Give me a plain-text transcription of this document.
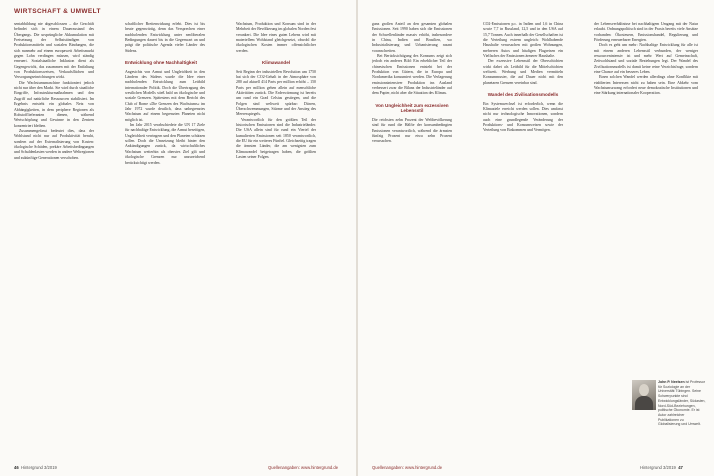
WIRTSCHAFT & UMWELT

sentabbildung nie abgeschlossen – die Geschäft befindet sich in einem Dauerzustand des Übergangs. Die ursprüngliche Akkumulation mit Freisetzung der Selbstständigen von Produktionsmitteln und sozialen Bindungen, die sich nunmehr auf einem europaweit Arbeitsmarkt gegen Lohn verdingen müssen, wird ständig erneuert. Sozialstaatliche Inklusion dient als Gegengewicht, das zusammen mit der Entfaltung von Produktionsweisen, Verkaufsflächen und Versorgungseinrichtungen wirkt.

Die Wachstumsmaschine funktioniert jedoch nicht nur über den Markt. Sie wird durch staatliche Eingriffe, Infrastrukturmaßnahmen und den Zugriff auf natürliche Ressourcen stabilisiert. Im Ergebnis entsteht ein globales Netz von Abhängigkeiten, in dem periphere Regionen als Rohstofflieferanten dienen, während Wertschöpfung und Gewinne in den Zentren konzentriert bleiben.

Zusammengefasst bedeutet dies, dass der Wohlstand nicht nur auf Produktivität beruht, sondern auf der Externalisierung von Kosten: ökologische Schäden, prekäre Arbeitsbedingungen und Schuldenlasten werden in andere Weltregionen und zukünftige Generationen verschoben.

schaftlicher Breitenwirkung erlebt. Dies ist bis heute gegenwärtig, denn das Versprechen einer nachholenden Entwicklung unter neoliberalen Bedingungen dauert bis in die Gegenwart an und prägt die politische Agenda vieler Länder des Südens.

Entwicklung ohne Nachhaltigkeit

Angesichts von Armut und Ungleichheit in den Ländern des Südens wurde die Idee einer nachholenden Entwicklung zum Leitbild internationaler Politik. Doch die Übertragung des westlichen Modells stieß bald an ökologische und soziale Grenzen. Spätestens mit dem Bericht des Club of Rome »Die Grenzen des Wachstums« im Jahr 1972 wurde deutlich, dass unbegrenztes Wachstum auf einem begrenzten Planeten nicht möglich ist.

Im Jahr 2015 verabschiedete die UN 17 Ziele für nachhaltige Entwicklung, die Armut beseitigen, Ungleichheit verringern und den Planeten schützen sollen. Doch die Umsetzung bleibt hinter den Ankündigungen zurück, da wirtschaftliches Wachstum weiterhin als oberstes Ziel gilt und ökologische Grenzen nur unzureichend berücksichtigt werden.

Wachstum, Produktion und Konsum sind in der Mehrheit der Bevölkerung im globalen Norden fest verankert. Die Idee eines guten Lebens wird mit materiellem Wohlstand gleichgesetzt, obwohl die ökologischen Kosten immer offensichtlicher werden.

Klimawandel

Seit Beginn der industriellen Revolution um 1750 hat sich der CO2-Gehalt in der Atmosphäre von 280 auf aktuell 414 Parts per million erhöht – 150 Parts per million gehen allein auf menschliche Aktivitäten zurück. Die Erderwärmung ist bereits um rund ein Grad Celsius gestiegen, und die Folgen sind weltweit spürbar: Dürren, Überschwemmungen, Stürme und der Anstieg des Meeresspiegels.

Verantwortlich für den größten Teil der historischen Emissionen sind die Industrieländer. Die USA allein sind für rund ein Viertel der kumulierten Emissionen seit 1850 verantwortlich, die EU für ein weiteres Fünftel. Gleichzeitig tragen die ärmsten Länder, die am wenigsten zum Klimawandel beigetragen haben, die größten Lasten seiner Folgen.

ganz großen Anteil an den gesamten globalen Emissionen. Seit 1990 haben sich die Emissionen der Schwellenländer massiv erhöht, insbesondere in China, Indien und Brasilien, wo Industrialisierung und Urbanisierung rasant voranschreiten.

Bei Berücksichtigung des Konsums zeigt sich jedoch ein anderes Bild: Ein erheblicher Teil der chinesischen Emissionen entsteht bei der Produktion von Gütern, die in Europa und Nordamerika konsumiert werden. Die Verlagerung emissionsintensiver Produktion ins Ausland verbessert zwar die Bilanz der Industrieländer auf dem Papier, nicht aber die Situation des Klimas.

Von Ungleichheit zum exzessiven Lebensstil

Die reichsten zehn Prozent der Weltbevölkerung sind für rund die Hälfte der konsumbedingten Emissionen verantwortlich, während die ärmsten fünfzig Prozent nur etwa zehn Prozent verursachen.

CO2-Emissionen p.c. in Indien und 1,6 in China sowie 7,7 in Russland, 12,5 und in den USA auf 15,7 Tonnen. Auch innerhalb der Gesellschaften ist die Verteilung extrem ungleich: Wohlhabende Haushalte verursachen mit großen Wohnungen, mehreren Autos und häufigen Flugreisen ein Vielfaches der Emissionen ärmerer Haushalte.

Der exzessive Lebensstil der Oberschichten wirkt dabei als Leitbild für die Mittelschichten weltweit. Werbung und Medien vermitteln Konsummuster, die auf Dauer nicht mit den planetaren Grenzen vereinbar sind.

Wandel des Zivilisationsmodells

Ein Systemwechsel ist erforderlich, wenn die Klimaziele erreicht werden sollen. Dies umfasst nicht nur technologische Innovationen, sondern auch eine grundlegende Veränderung der Produktions- und Konsumweisen sowie der Verteilung von Einkommen und Vermögen.

der Lebensverhältnisse bei nachhaltigem Umgang mit der Natur erlaubt. Ordnungspolitisch sind in der Praxis bereits viele Ansätze vorhanden: Ökosteuern, Emissionshandel, Regulierung und Förderung erneuerbarer Energien.

Doch es geht um mehr: Nachhaltige Entwicklung für alle ist mit einem anderen Lebensstil verbunden, der weniger ressourcenintensiv ist und mehr Wert auf Gemeinschaft, Zeitwohlstand und soziale Beziehungen legt. Der Wandel des Zivilisationsmodells ist damit keine reine Verzichtsfrage, sondern eine Chance auf ein besseres Leben.

Einen solchen Wandel werden allerdings ohne Konflikte mit etablierten Interessen nicht zu haben sein. Eine Abkehr vom Wachstumszwang erfordert neue demokratische Institutionen und eine Stärkung internationaler Kooperation.

John P. Neelsen ist Professor für Soziologie an der Universität Tübingen. Seine Schwerpunkte sind Entwicklungsländer, Südasien, Nord-Süd-Beziehungen, politische Ökonomie. Er ist Autor zahlreicher Publikationen zu Globalisierung und Umwelt.
46 Hintergrund 3/2019	Quellenangaben: www.hintergrund.de	Quellenangaben: www.hintergrund.de	Hintergrund 3/2019 47
